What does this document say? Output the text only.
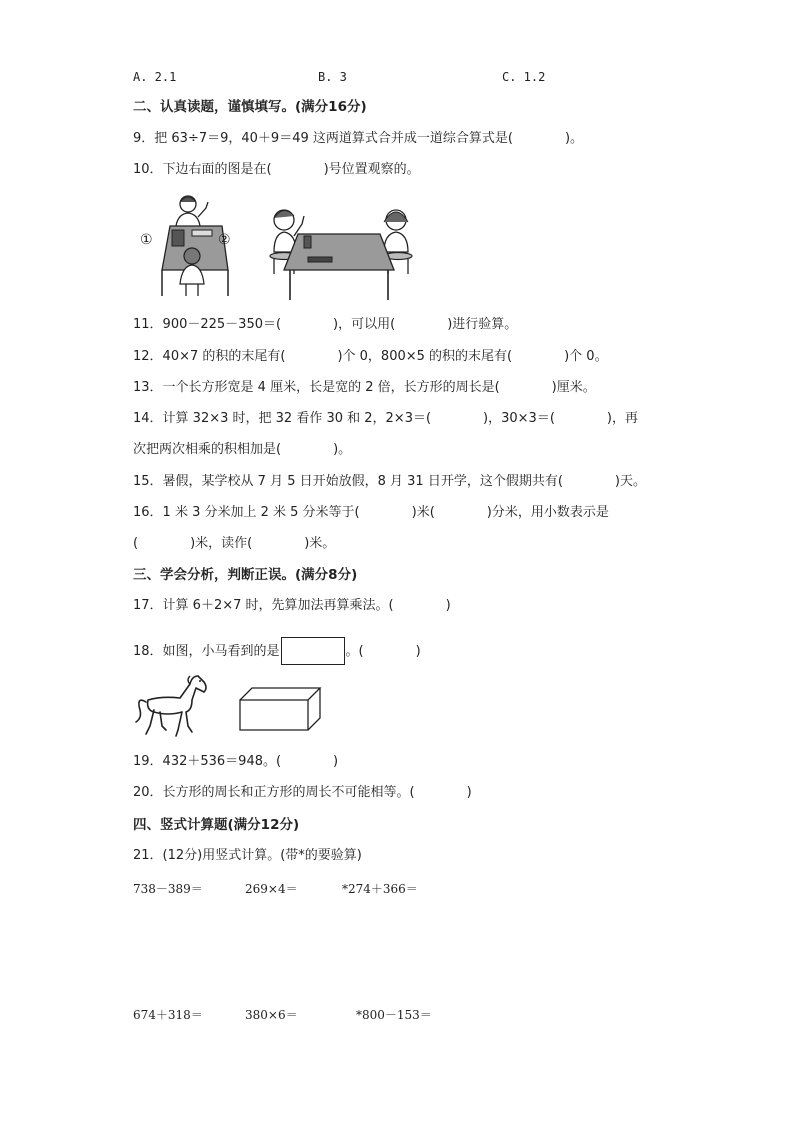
A. 2.1	B. 3	C. 1.2
二、认真读题，谨慎填写。(满分16分)
9．把 63÷7＝9，40＋9＝49 这两道算式合并成一道综合算式是(　　　　)。
10．下边右面的图是在(　　　　)号位置观察的。
①	②
11．900－225－350＝(　　　　)，可以用(　　　　)进行验算。
12．40×7 的积的末尾有(　　　　)个 0，800×5 的积的末尾有(　　　　)个 0。
13．一个长方形宽是 4 厘米，长是宽的 2 倍，长方形的周长是(　　　　)厘米。
14．计算 32×3 时，把 32 看作 30 和 2，2×3＝(　　　　)，30×3＝(　　　　)，再
次把两次相乘的积相加是(　　　　)。
15．暑假，某学校从 7 月 5 日开始放假，8 月 31 日开学，这个假期共有(　　　　)天。
16．1 米 3 分米加上 2 米 5 分米等于(　　　　)米(　　　　)分米，用小数表示是
(　　　　)米，读作(　　　　)米。
三、学会分析，判断正误。(满分8分)
17．计算 6＋2×7 时，先算加法再算乘法。(　　　　)
18．如图，小马看到的是	。(　　　　)
19．432＋536＝948。(　　　　)
20．长方形的周长和正方形的周长不可能相等。(　　　　)
四、竖式计算题(满分12分)
21．(12分)用竖式计算。(带*的要验算)
738－389＝	269×4＝	*274＋366＝
674＋318＝	380×6＝	*800－153＝
